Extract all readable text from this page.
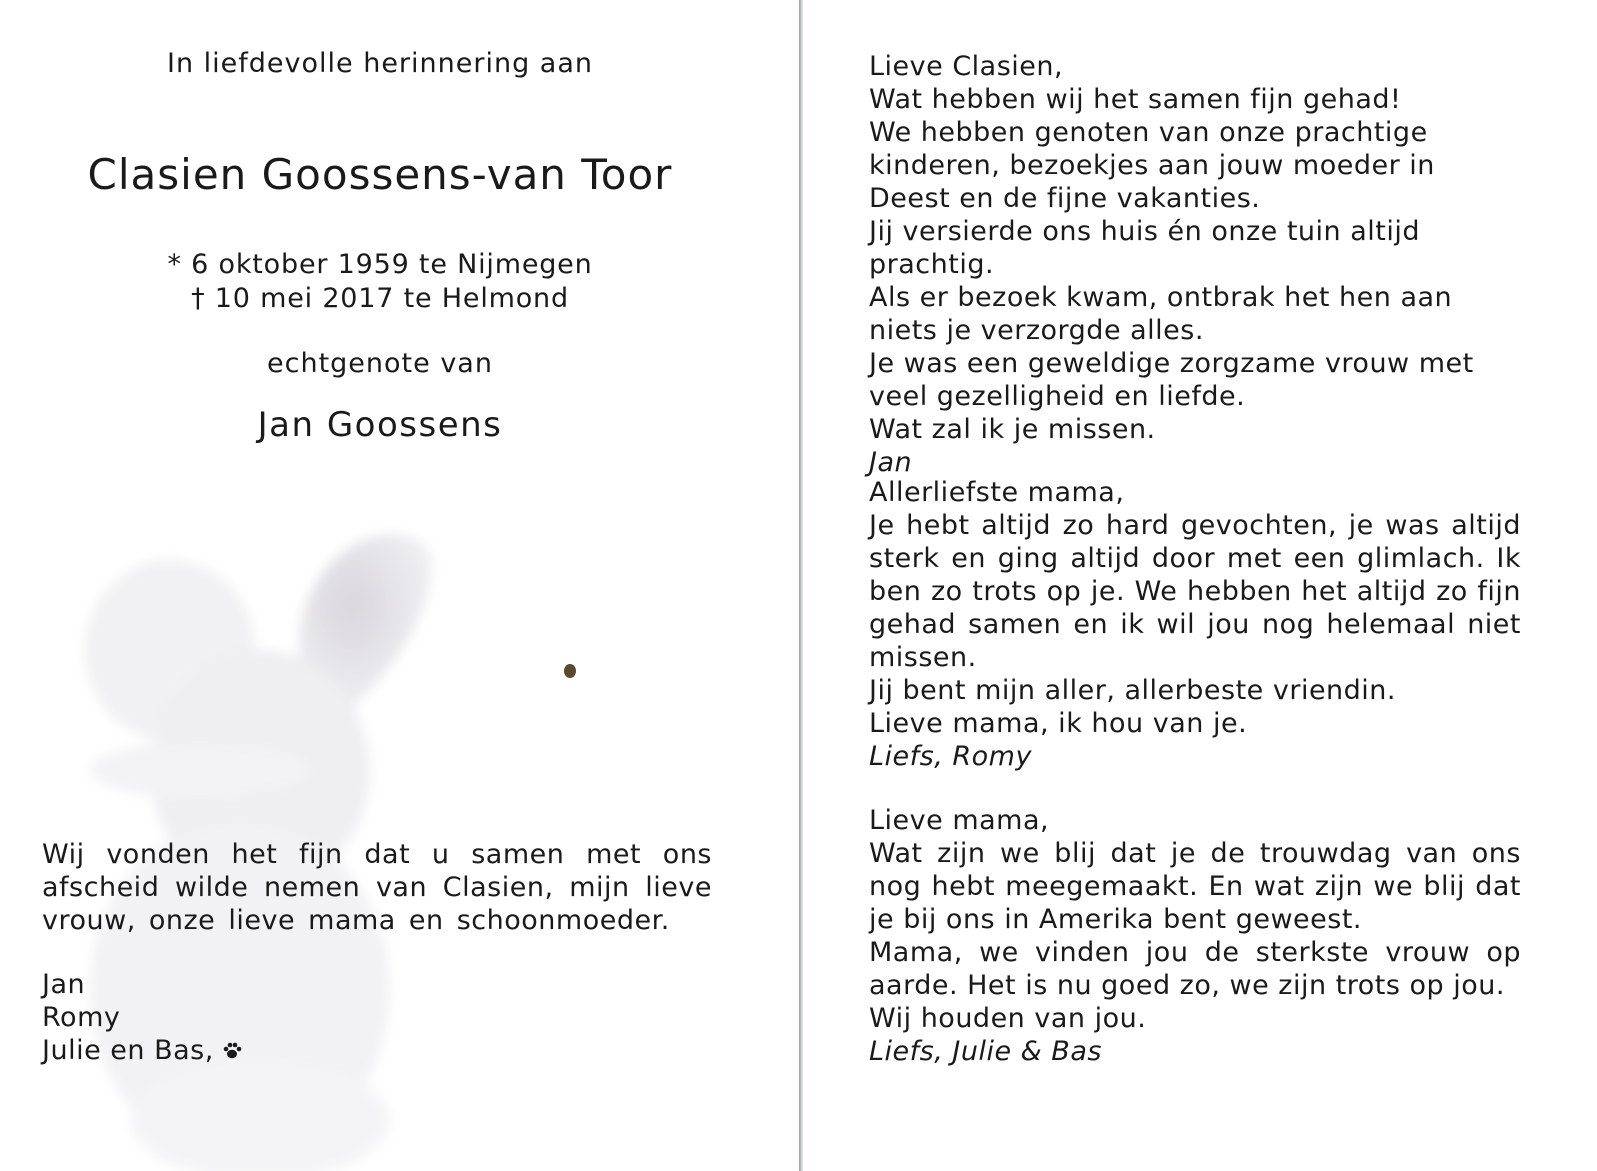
In liefdevolle herinnering aan
Clasien Goossens-van Toor
* 6 oktober 1959 te Nijmegen
† 10 mei 2017 te Helmond
echtgenote van
Jan Goossens
Wij vonden het fijn dat u samen met ons afscheid wilde nemen van Clasien, mijn lieve vrouw, onze lieve mama en schoonmoeder.
Jan
Romy
Julie en Bas,

Lieve Clasien,

Wat hebben wij het samen fijn gehad!

We hebben genoten van onze prachtige kinderen, bezoekjes aan jouw moeder in Deest en de fijne vakanties.

Jij versierde ons huis én onze tuin altijd prachtig.

Als er bezoek kwam, ontbrak het hen aan niets je verzorgde alles.

Je was een geweldige zorgzame vrouw met veel gezelligheid en liefde.

Wat zal ik je missen.

Jan

Allerliefste mama,

Je hebt altijd zo hard gevochten, je was altijd sterk en ging altijd door met een glimlach. Ik ben zo trots op je. We hebben het altijd zo fijn gehad samen en ik wil jou nog helemaal niet missen.

Jij bent mijn aller, allerbeste vriendin.

Lieve mama, ik hou van je.

Liefs, Romy

Lieve mama,

Wat zijn we blij dat je de trouwdag van ons nog hebt meegemaakt. En wat zijn we blij dat je bij ons in Amerika bent geweest.

Mama, we vinden jou de sterkste vrouw op aarde. Het is nu goed zo, we zijn trots op jou.

Wij houden van jou.

Liefs, Julie & Bas
